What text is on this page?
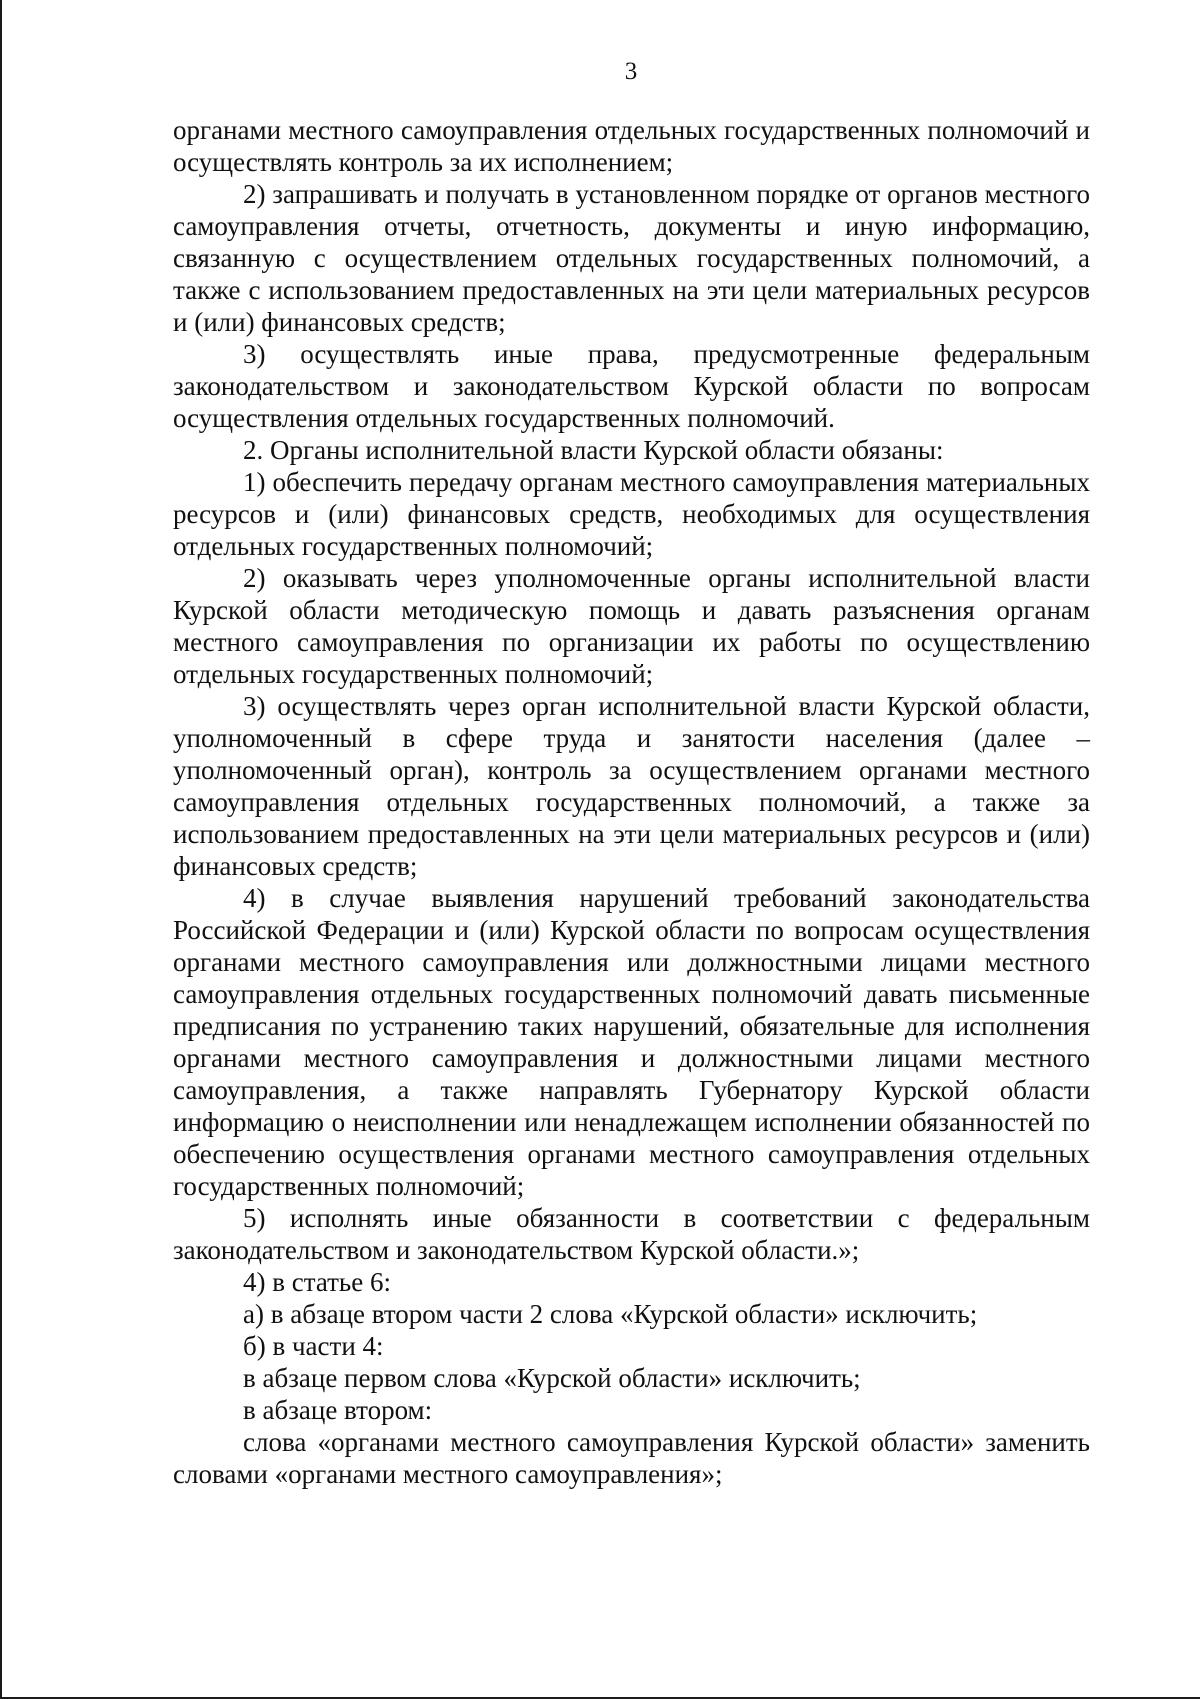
3

органами местного самоуправления отдельных государственных полномочий и осуществлять контроль за их исполнением;

2) запрашивать и получать в установленном порядке от органов местного самоуправления отчеты, отчетность, документы и иную информацию, связанную с осуществлением отдельных государственных полномочий, а также с использованием предоставленных на эти цели материальных ресурсов и (или) финансовых средств;

3) осуществлять иные права, предусмотренные федеральным законодательством и законодательством Курской области по вопросам осуществления отдельных государственных полномочий.

2. Органы исполнительной власти Курской области обязаны:

1) обеспечить передачу органам местного самоуправления материальных ресурсов и (или) финансовых средств, необходимых для осуществления отдельных государственных полномочий;

2) оказывать через уполномоченные органы исполнительной власти Курской области методическую помощь и давать разъяснения органам местного самоуправления по организации их работы по осуществлению отдельных государственных полномочий;

3) осуществлять через орган исполнительной власти Курской области, уполномоченный в сфере труда и занятости населения (далее – уполномоченный орган), контроль за осуществлением органами местного самоуправления отдельных государственных полномочий, а также за использованием предоставленных на эти цели материальных ресурсов и (или) финансовых средств;

4) в случае выявления нарушений требований законодательства Российской Федерации и (или) Курской области по вопросам осуществления органами местного самоуправления или должностными лицами местного самоуправления отдельных государственных полномочий давать письменные предписания по устранению таких нарушений, обязательные для исполнения органами местного самоуправления и должностными лицами местного самоуправления, а также направлять Губернатору Курской области информацию о неисполнении или ненадлежащем исполнении обязанностей по обеспечению осуществления органами местного самоуправления отдельных государственных полномочий;

5) исполнять иные обязанности в соответствии с федеральным законодательством и законодательством Курской области.»;

4) в статье 6:

а) в абзаце втором части 2 слова «Курской области» исключить;

б) в части 4:

в абзаце первом слова «Курской области» исключить;

в абзаце втором:

слова «органами местного самоуправления Курской области» заменить словами «органами местного самоуправления»;
